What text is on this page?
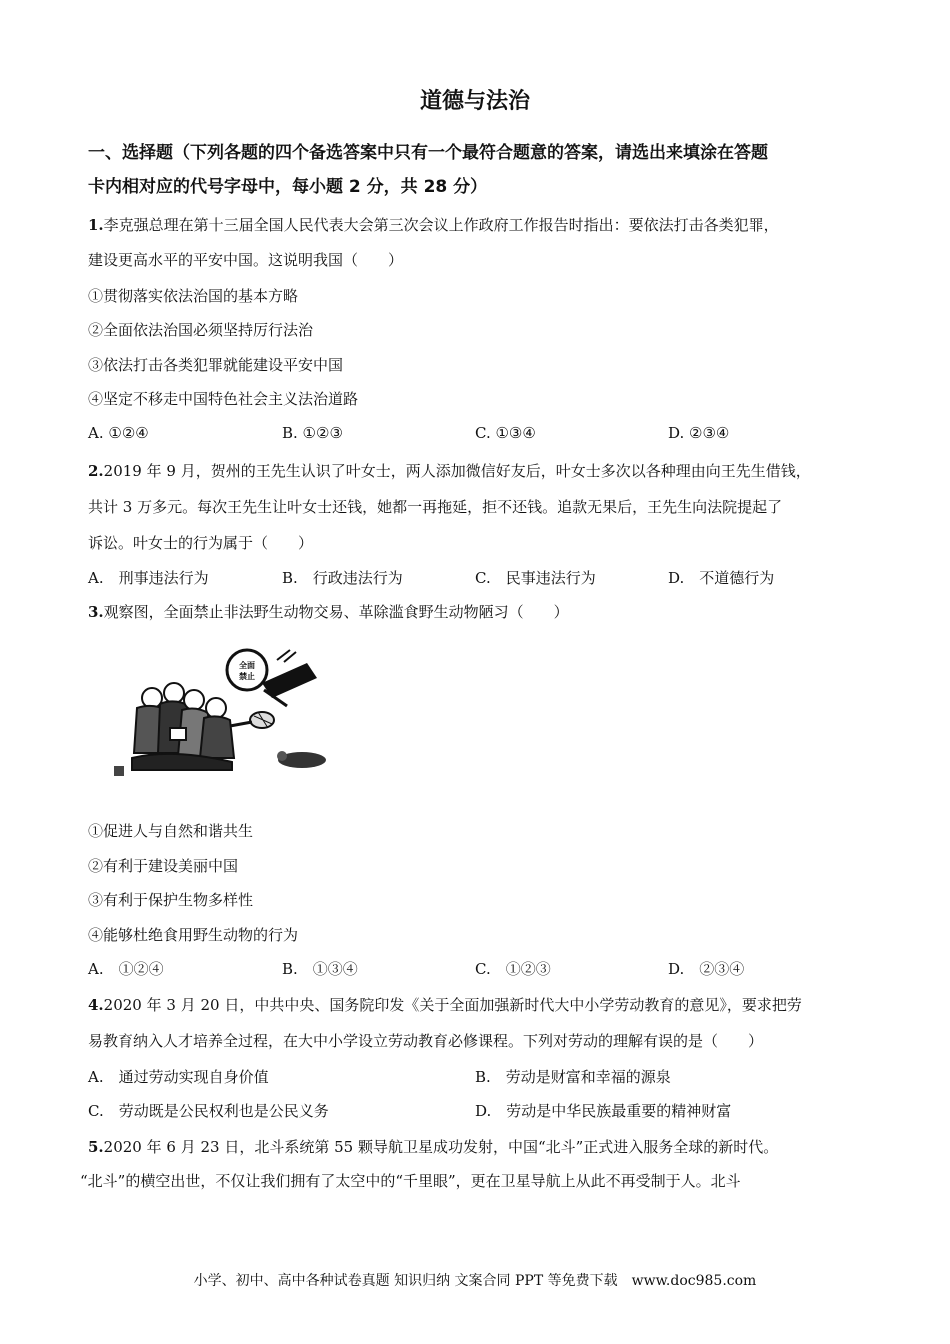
道德与法治
一、选择题（下列各题的四个备选答案中只有一个最符合题意的答案，请选出来填涂在答题
卡内相对应的代号字母中，每小题 2 分，共 28 分）
1.李克强总理在第十三届全国人民代表大会第三次会议上作政府工作报告时指出：要依法打击各类犯罪，
建设更高水平的平安中国。这说明我国（　　）
①贯彻落实依法治国的基本方略
②全面依法治国必须坚持厉行法治
③依法打击各类犯罪就能建设平安中国
④坚定不移走中国特色社会主义法治道路
A. ①②④	B. ①②③	C. ①③④	D. ②③④
2.2019 年 9 月，贺州的王先生认识了叶女士，两人添加微信好友后，叶女士多次以各种理由向王先生借钱，
共计 3 万多元。每次王先生让叶女士还钱，她都一再拖延，拒不还钱。追款无果后，王先生向法院提起了
诉讼。叶女士的行为属于（　　）
A.　刑事违法行为	B.　行政违法行为	C.　民事违法行为	D.　不道德行为
3.观察图，全面禁止非法野生动物交易、革除滥食野生动物陋习（　　）
全面
禁止
①促进人与自然和谐共生
②有利于建设美丽中国
③有利于保护生物多样性
④能够杜绝食用野生动物的行为
A.　①②④	B.　①③④	C.　①②③	D.　②③④
4.2020 年 3 月 20 日，中共中央、国务院印发《关于全面加强新时代大中小学劳动教育的意见》，要求把劳
易教育纳入人才培养全过程，在大中小学设立劳动教育必修课程。下列对劳动的理解有误的是（　　）
A.　通过劳动实现自身价值	B.　劳动是财富和幸福的源泉
C.　劳动既是公民权利也是公民义务	D.　劳动是中华民族最重要的精神财富
5.2020 年 6 月 23 日，北斗系统第 55 颗导航卫星成功发射，中国“北斗”正式进入服务全球的新时代。
“北斗”的横空出世，不仅让我们拥有了太空中的“千里眼”，更在卫星导航上从此不再受制于人。北斗
小学、初中、高中各种试卷真题 知识归纳 文案合同 PPT 等免费下载　www.doc985.com
